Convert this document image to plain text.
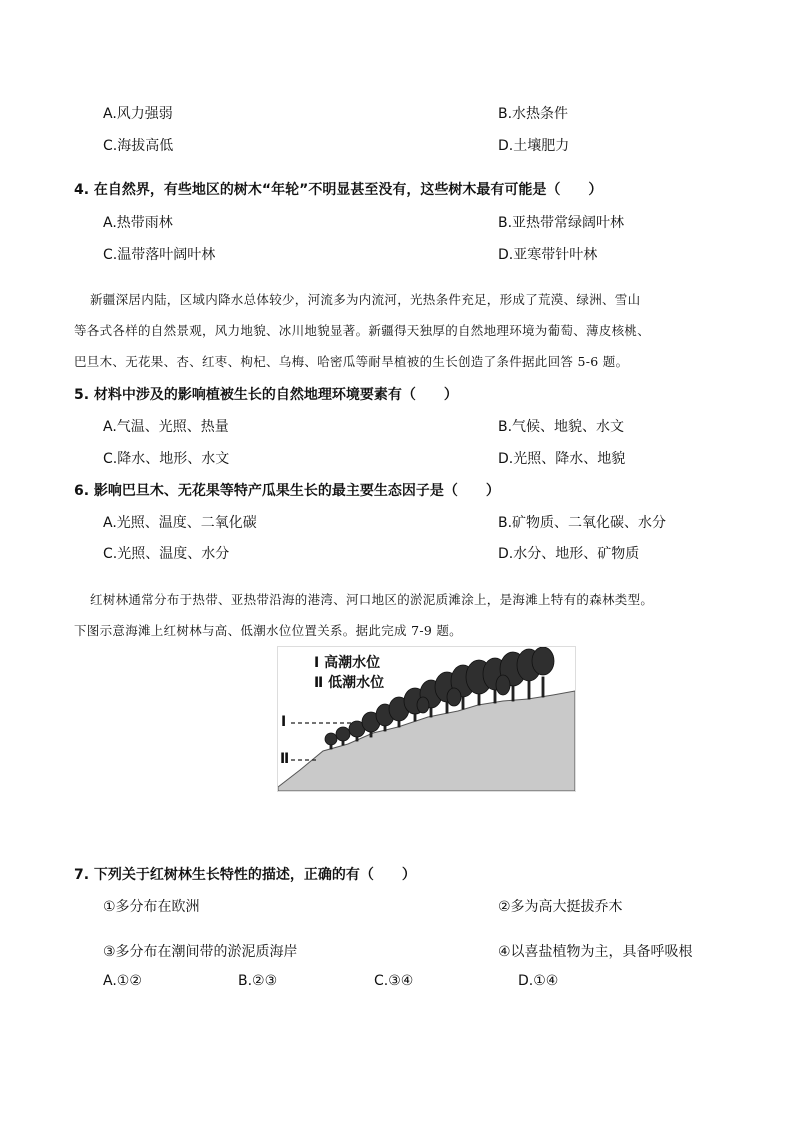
A.风力强弱	B.水热条件
C.海拔高低	D.土壤肥力
4. 在自然界，有些地区的树木“年轮”不明显甚至没有，这些树木最有可能是（　　）
A.热带雨林	B.亚热带常绿阔叶林
C.温带落叶阔叶林	D.亚寒带针叶林
新疆深居内陆，区域内降水总体较少，河流多为内流河，光热条件充足，形成了荒漠、绿洲、雪山
等各式各样的自然景观，风力地貌、冰川地貌显著。新疆得天独厚的自然地理环境为葡萄、薄皮核桃、
巴旦木、无花果、杏、红枣、枸杞、乌梅、哈密瓜等耐旱植被的生长创造了条件据此回答 5-6 题。
5. 材料中涉及的影响植被生长的自然地理环境要素有（　　）
A.气温、光照、热量	B.气候、地貌、水文
C.降水、地形、水文	D.光照、降水、地貌
6. 影响巴旦木、无花果等特产瓜果生长的最主要生态因子是（　　）
A.光照、温度、二氧化碳	B.矿物质、二氧化碳、水分
C.光照、温度、水分	D.水分、地形、矿物质
红树林通常分布于热带、亚热带沿海的港湾、河口地区的淤泥质滩涂上，是海滩上特有的森林类型。
下图示意海滩上红树林与高、低潮水位位置关系。据此完成 7-9 题。
Ⅰ 高潮水位
Ⅱ 低潮水位
Ⅰ
Ⅱ
7. 下列关于红树林生长特性的描述，正确的有（　　）
①多分布在欧洲	②多为高大挺拔乔木
③多分布在潮间带的淤泥质海岸	④以喜盐植物为主，具备呼吸根
A.①②	B.②③	C.③④	D.①④
